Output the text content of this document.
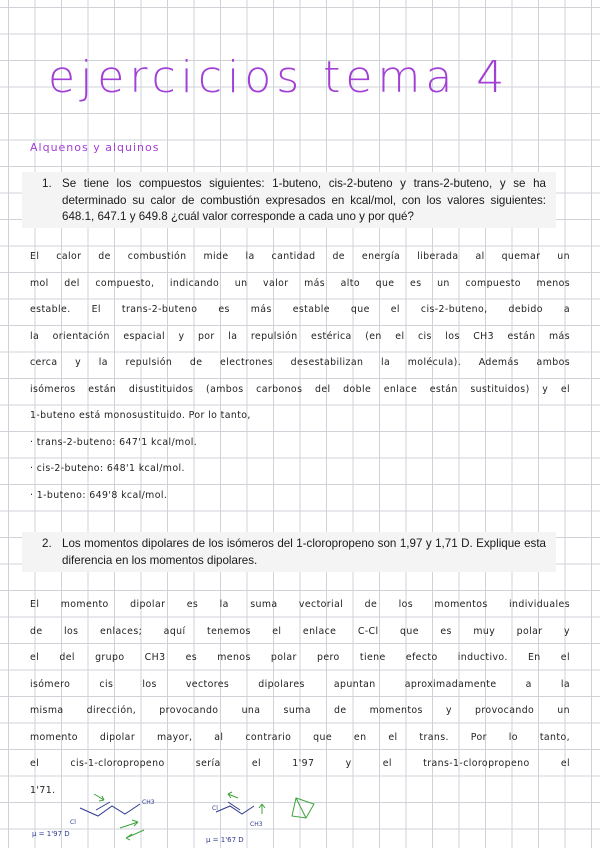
ejercicios tema 4
Alquenos y alquinos
1. Se tiene los compuestos siguientes: 1-buteno, cis-2-buteno y trans-2-buteno, y se ha determinado su calor de combustión expresados en kcal/mol, con los valores siguientes: 648.1, 647.1 y 649.8 ¿cuál valor corresponde a cada uno y por qué?
El calor de combustión mide la cantidad de energía liberada al quemar un
mol del compuesto, indicando un valor más alto que es un compuesto menos
estable. El trans-2-buteno es más estable que el cis-2-buteno, debido a
la orientación espacial y por la repulsión estérica (en el cis los CH3 están más
cerca y la repulsión de electrones desestabilizan la molécula). Además ambos
isómeros están disustituidos (ambos carbonos del doble enlace están sustituidos) y el
1-buteno está monosustituido. Por lo tanto,
· trans-2-buteno: 647'1 kcal/mol.
· cis-2-buteno: 648'1 kcal/mol.
· 1-buteno: 649'8 kcal/mol.
2. Los momentos dipolares de los isómeros del 1-cloropropeno son 1,97 y 1,71 D. Explique esta diferencia en los momentos dipolares.
El momento dipolar es la suma vectorial de los momentos individuales
de los enlaces; aquí tenemos el enlace C-Cl que es muy polar y
el del grupo CH3 es menos polar pero tiene efecto inductivo. En el
isómero cis los vectores dipolares apuntan aproximadamente a la
misma dirección, provocando una suma de momentos y provocando un
momento dipolar mayor, al contrario que en el trans. Por lo tanto,
el cis-1-cloropropeno sería el 1'97 y el trans-1-cloropropeno el
1'71.
Cl
CH3
μ = 1'97 D
Cl
CH3
μ = 1'67 D
